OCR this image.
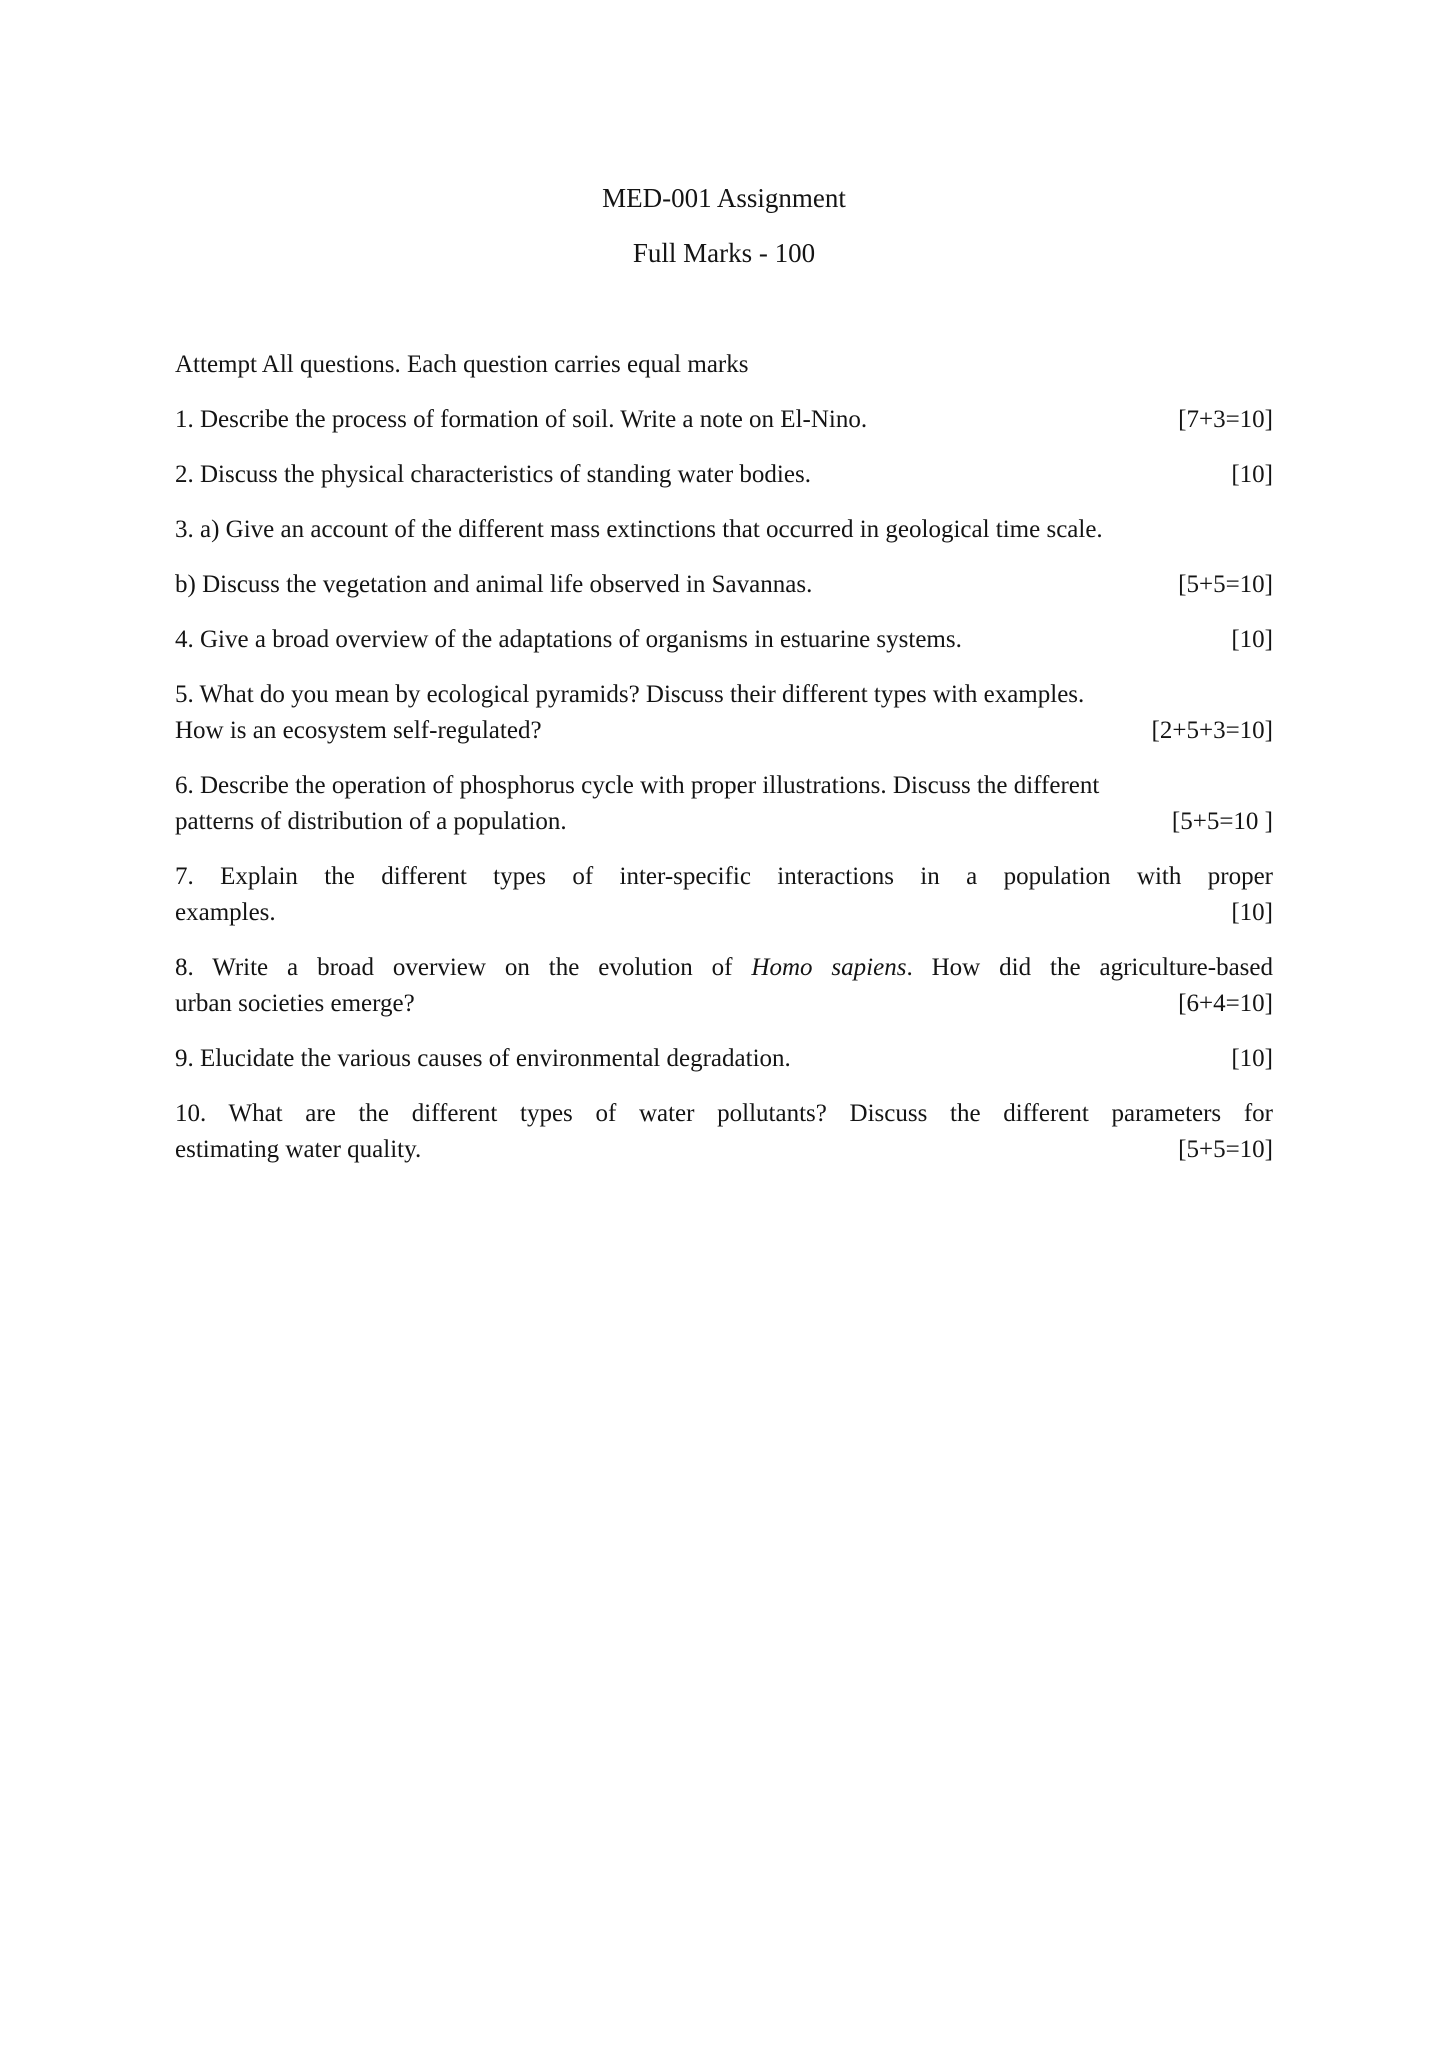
MED-001 Assignment
Full Marks - 100
Attempt All questions. Each question carries equal marks
1. Describe the process of formation of soil. Write a note on El-Nino.	[7+3=10]
2. Discuss the physical characteristics of standing water bodies.	[10]
3. a) Give an account of the different mass extinctions that occurred in geological time scale.
b) Discuss the vegetation and animal life observed in Savannas.	[5+5=10]
4. Give a broad overview of the adaptations of organisms in estuarine systems.	[10]
5. What do you mean by ecological pyramids? Discuss their different types with examples.
How is an ecosystem self-regulated?	[2+5+3=10]
6. Describe the operation of phosphorus cycle with proper illustrations. Discuss the different
patterns of distribution of a population.	[5+5=10 ]
7. Explain the different types of inter-specific interactions in a population with proper
examples.	[10]
8. Write a broad overview on the evolution of Homo sapiens. How did the agriculture-based
urban societies emerge?	[6+4=10]
9. Elucidate the various causes of environmental degradation.	[10]
10. What are the different types of water pollutants? Discuss the different parameters for
estimating water quality.	[5+5=10]
